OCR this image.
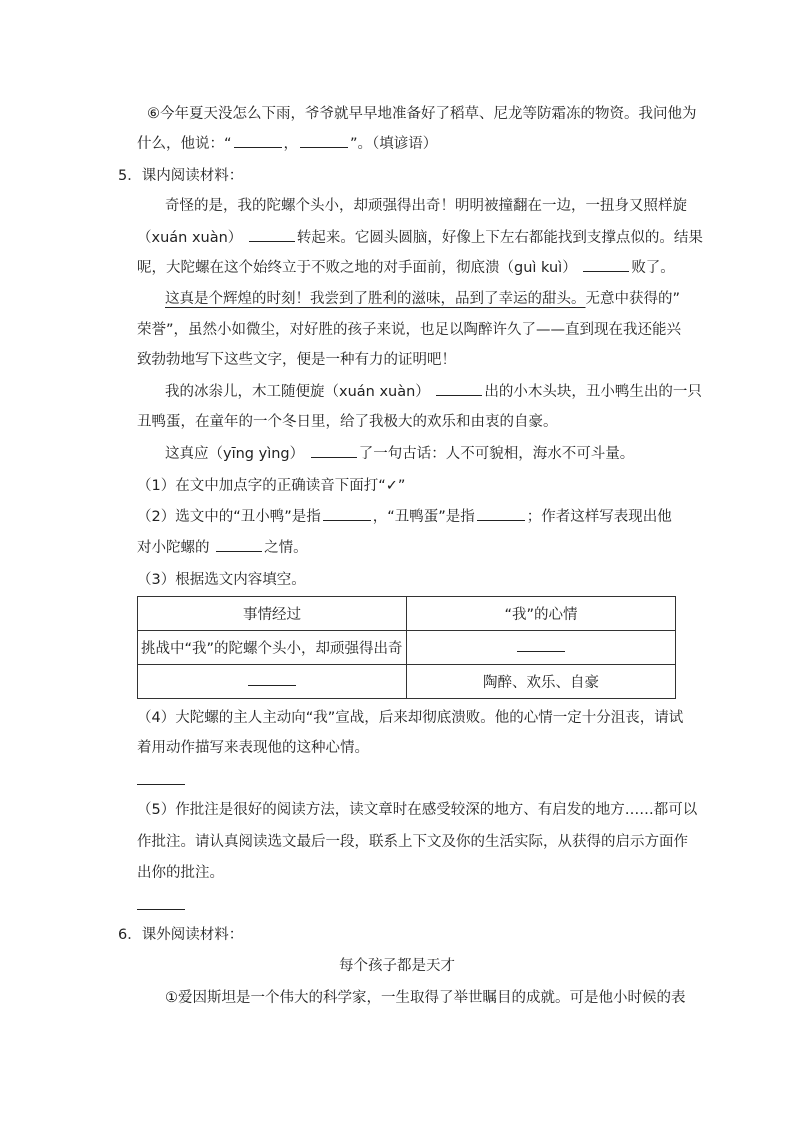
⑥今年夏天没怎么下雨，爷爷就早早地准备好了稻草、尼龙等防霜冻的物资。我问他为
什么，他说：“	，	”。（填谚语）
5．课内阅读材料：
奇怪的是，我的陀螺个头小，却顽强得出奇！明明被撞翻在一边，一扭身又照样旋
（xuán xuàn）	转起来。它圆头圆脑，好像上下左右都能找到支撑点似的。结果
呢，大陀螺在这个始终立于不败之地的对手面前，彻底溃（guì kuì）	败了。
这真是个辉煌的时刻！我尝到了胜利的滋味，品到了幸运的甜头。无意中获得的”
荣誉”，虽然小如微尘，对好胜的孩子来说，也足以陶醉许久了——直到现在我还能兴
致勃勃地写下这些文字，便是一种有力的证明吧！
我的冰尜儿，木工随便旋（xuán xuàn）	出的小木头块，丑小鸭生出的一只
丑鸭蛋，在童年的一个冬日里，给了我极大的欢乐和由衷的自豪。
这真应（yīng yìng）	了一句古话：人不可貌相，海水不可斗量。
（1）在文中加点字的正确读音下面打“✓”
（2）选文中的“丑小鸭”是指	，“丑鸭蛋”是指	；作者这样写表现出他
对小陀螺的	之情。
（3）根据选文内容填空。
事情经过	“我”的心情
挑战中“我”的陀螺个头小，却顽强得出奇	
	陶醉、欢乐、自豪
（4）大陀螺的主人主动向“我”宣战，后来却彻底溃败。他的心情一定十分沮丧，请试
着用动作描写来表现他的这种心情。
（5）作批注是很好的阅读方法，读文章时在感受较深的地方、有启发的地方……都可以
作批注。请认真阅读选文最后一段，联系上下文及你的生活实际，从获得的启示方面作
出你的批注。
6．课外阅读材料：
每个孩子都是天才
①爱因斯坦是一个伟大的科学家，一生取得了举世瞩目的成就。可是他小时候的表
